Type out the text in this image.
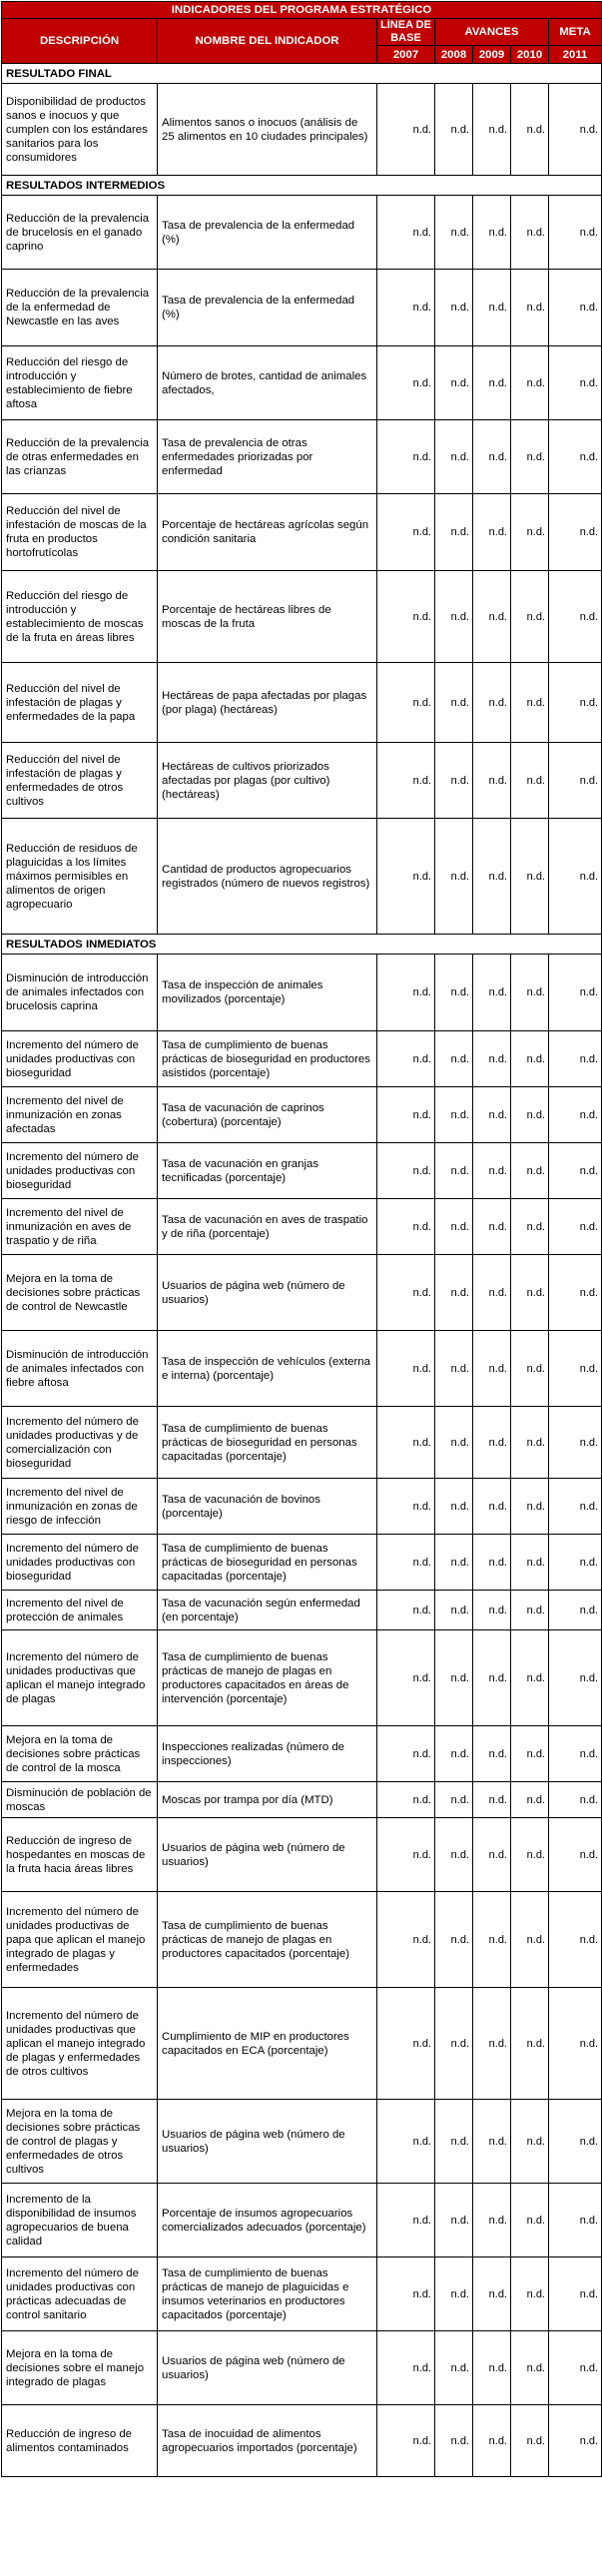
INDICADORES DEL PROGRAMA ESTRATÉGICO						
DESCRIPCIÓN	NOMBRE DEL INDICADOR	LÍNEA DE BASE	AVANCES			META
		2007	2008	2009	2010	2011
RESULTADO FINAL						
Disponibilidad de productos sanos e inocuos y que cumplen con los estándares sanitarios para los consumidores	Alimentos sanos o inocuos (análisis de 25 alimentos en 10 ciudades principales)	n.d.	n.d.	n.d.	n.d.	n.d.
RESULTADOS INTERMEDIOS						
Reducción de la prevalencia de brucelosis en el ganado caprino	Tasa de prevalencia de la enfermedad (%)	n.d.	n.d.	n.d.	n.d.	n.d.
Reducción de la prevalencia de la enfermedad de Newcastle en las aves	Tasa de prevalencia de la enfermedad (%)	n.d.	n.d.	n.d.	n.d.	n.d.
Reducción del riesgo de introducción y establecimiento de fiebre aftosa	Número de brotes, cantidad de animales afectados,	n.d.	n.d.	n.d.	n.d.	n.d.
Reducción de la prevalencia de otras enfermedades en las crianzas	Tasa de prevalencia de otras enfermedades priorizadas por enfermedad	n.d.	n.d.	n.d.	n.d.	n.d.
Reducción del nivel de infestación de moscas de la fruta en productos hortofrutícolas	Porcentaje de hectáreas agrícolas según condición sanitaria	n.d.	n.d.	n.d.	n.d.	n.d.
Reducción del riesgo de introducción y establecimiento de moscas de la fruta en áreas libres	Porcentaje de hectáreas libres de moscas de la fruta	n.d.	n.d.	n.d.	n.d.	n.d.
Reducción del nivel de infestación de plagas y enfermedades de la papa	Hectáreas de papa afectadas por plagas (por plaga) (hectáreas)	n.d.	n.d.	n.d.	n.d.	n.d.
Reducción del nivel de infestación de plagas y enfermedades de otros cultivos	Hectáreas de cultivos priorizados afectadas por plagas (por cultivo) (hectáreas)	n.d.	n.d.	n.d.	n.d.	n.d.
Reducción de residuos de plaguicidas a los límites máximos permisibles en alimentos de origen agropecuario	Cantidad de productos agropecuarios registrados (número de nuevos registros)	n.d.	n.d.	n.d.	n.d.	n.d.
RESULTADOS INMEDIATOS						
Disminución de introducción de animales infectados con brucelosis caprina	Tasa de inspección de animales movilizados (porcentaje)	n.d.	n.d.	n.d.	n.d.	n.d.
Incremento del número de unidades productivas con bioseguridad	Tasa de cumplimiento de buenas prácticas de bioseguridad en productores asistidos (porcentaje)	n.d.	n.d.	n.d.	n.d.	n.d.
Incremento del nivel de inmunización en zonas afectadas	Tasa de vacunación de caprinos (cobertura) (porcentaje)	n.d.	n.d.	n.d.	n.d.	n.d.
Incremento del número de unidades productivas con bioseguridad	Tasa de vacunación en granjas tecnificadas (porcentaje)	n.d.	n.d.	n.d.	n.d.	n.d.
Incremento del nivel de inmunización en aves de traspatio y de riña	Tasa de vacunación en aves de traspatio y de riña (porcentaje)	n.d.	n.d.	n.d.	n.d.	n.d.
Mejora en la toma de decisiones sobre prácticas de control de Newcastle	Usuarios de página web (número de usuarios)	n.d.	n.d.	n.d.	n.d.	n.d.
Disminución de introducción de animales infectados con fiebre aftosa	Tasa de inspección de vehículos (externa e interna) (porcentaje)	n.d.	n.d.	n.d.	n.d.	n.d.
Incremento del número de unidades productivas y de comercialización con bioseguridad	Tasa de cumplimiento de buenas prácticas de bioseguridad en personas capacitadas (porcentaje)	n.d.	n.d.	n.d.	n.d.	n.d.
Incremento del nivel de inmunización en zonas de riesgo de infección	Tasa de vacunación de bovinos (porcentaje)	n.d.	n.d.	n.d.	n.d.	n.d.
Incremento del número de unidades productivas con bioseguridad	Tasa de cumplimiento de buenas prácticas de bioseguridad en personas capacitadas (porcentaje)	n.d.	n.d.	n.d.	n.d.	n.d.
Incremento del nivel de protección de animales	Tasa de vacunación según enfermedad (en porcentaje)	n.d.	n.d.	n.d.	n.d.	n.d.
Incremento del número de unidades productivas que aplican el manejo integrado de plagas	Tasa de cumplimiento de buenas prácticas de manejo de plagas en productores capacitados en áreas de intervención (porcentaje)	n.d.	n.d.	n.d.	n.d.	n.d.
Mejora en la toma de decisiones sobre prácticas de control de la mosca	Inspecciones realizadas (número de inspecciones)	n.d.	n.d.	n.d.	n.d.	n.d.
Disminución de población de moscas	Moscas por trampa por día (MTD)	n.d.	n.d.	n.d.	n.d.	n.d.
Reducción de ingreso de hospedantes en moscas de la fruta hacia áreas libres	Usuarios de página web (número de usuarios)	n.d.	n.d.	n.d.	n.d.	n.d.
Incremento del número de unidades productivas de papa que aplican el manejo integrado de plagas y enfermedades	Tasa de cumplimiento de buenas prácticas de manejo de plagas en productores capacitados (porcentaje)	n.d.	n.d.	n.d.	n.d.	n.d.
Incremento del número de unidades productivas que aplican el manejo integrado de plagas y enfermedades de otros cultivos	Cumplimiento de MIP en productores capacitados en ECA (porcentaje)	n.d.	n.d.	n.d.	n.d.	n.d.
Mejora en la toma de decisiones sobre prácticas de control de plagas y enfermedades de otros cultivos	Usuarios de página web (número de usuarios)	n.d.	n.d.	n.d.	n.d.	n.d.
Incremento de la disponibilidad de insumos agropecuarios de buena calidad	Porcentaje de insumos agropecuarios comercializados adecuados (porcentaje)	n.d.	n.d.	n.d.	n.d.	n.d.
Incremento del número de unidades productivas con prácticas adecuadas de control sanitario	Tasa de cumplimiento de buenas prácticas de manejo de plaguicidas e insumos veterinarios en productores capacitados (porcentaje)	n.d.	n.d.	n.d.	n.d.	n.d.
Mejora en la toma de decisiones sobre el manejo integrado de plagas	Usuarios de página web (número de usuarios)	n.d.	n.d.	n.d.	n.d.	n.d.
Reducción de ingreso de alimentos contaminados	Tasa de inocuidad de alimentos agropecuarios importados (porcentaje)	n.d.	n.d.	n.d.	n.d.	n.d.
